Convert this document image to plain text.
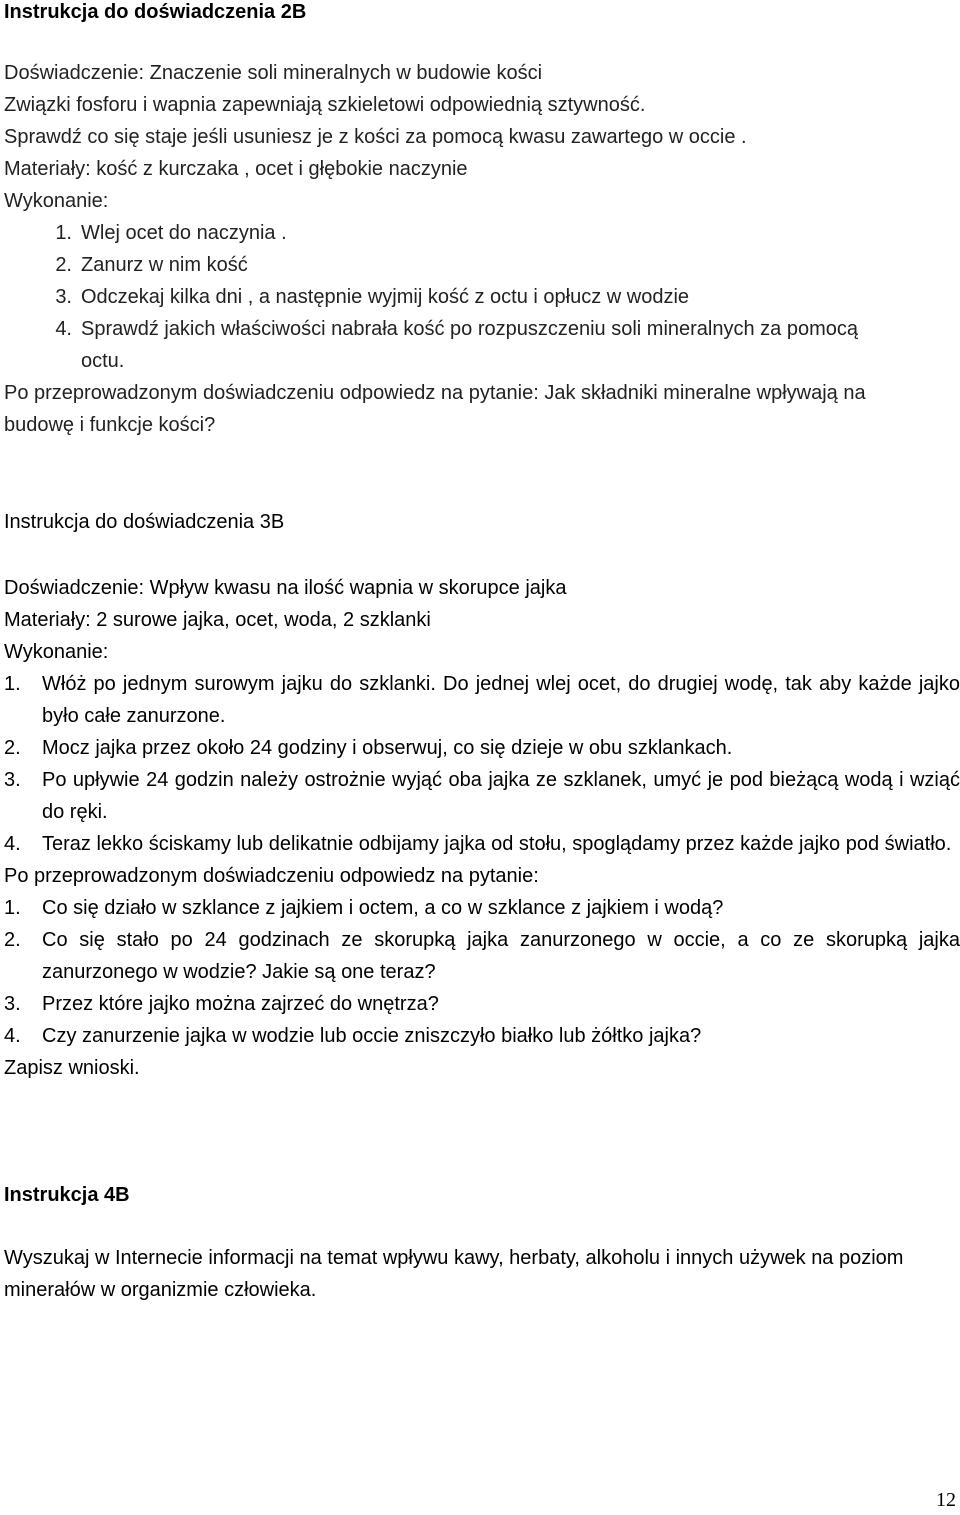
Instrukcja do doświadczenia 2B
Doświadczenie: Znaczenie soli mineralnych w budowie kości
Związki fosforu i wapnia zapewniają szkieletowi odpowiednią sztywność.
Sprawdź co się staje jeśli usuniesz je z kości za pomocą kwasu zawartego w occie .
Materiały: kość z kurczaka , ocet i głębokie naczynie
Wykonanie:
1. Wlej ocet do naczynia .
2. Zanurz w nim kość
3. Odczekaj kilka dni , a następnie wyjmij kość z octu i opłucz w wodzie
4. Sprawdź jakich właściwości nabrała kość po rozpuszczeniu soli mineralnych za pomocą octu.
Po przeprowadzonym doświadczeniu odpowiedz na pytanie: Jak składniki mineralne wpływają na budowę i funkcje kości?
Instrukcja do doświadczenia 3B
Doświadczenie: Wpływ kwasu na ilość wapnia w skorupce jajka
Materiały: 2 surowe jajka, ocet, woda, 2 szklanki
Wykonanie:
1.	Włóż po jednym surowym jajku do szklanki. Do jednej wlej ocet, do drugiej wodę, tak aby każde jajko było całe zanurzone.
2.	Mocz jajka przez około 24 godziny i obserwuj, co się dzieje w obu szklankach.
3.	Po upływie 24 godzin należy ostrożnie wyjąć oba jajka ze szklanek, umyć je pod bieżącą wodą i wziąć do ręki.
4.	Teraz lekko ściskamy lub delikatnie odbijamy jajka od stołu, spoglądamy przez każde jajko pod światło.
Po przeprowadzonym doświadczeniu odpowiedz na pytanie:
1.	Co się działo w szklance z jajkiem i octem, a co w szklance z jajkiem i wodą?
2.	Co się stało po 24 godzinach ze skorupką jajka zanurzonego w occie, a co ze skorupką jajka zanurzonego w wodzie? Jakie są one teraz?
3.	Przez które jajko można zajrzeć do wnętrza?
4.	Czy zanurzenie jajka w wodzie lub occie zniszczyło białko lub żółtko jajka?
Zapisz wnioski.
Instrukcja 4B
Wyszukaj w Internecie informacji na temat wpływu kawy, herbaty, alkoholu i innych używek na poziom minerałów w organizmie człowieka.
12
